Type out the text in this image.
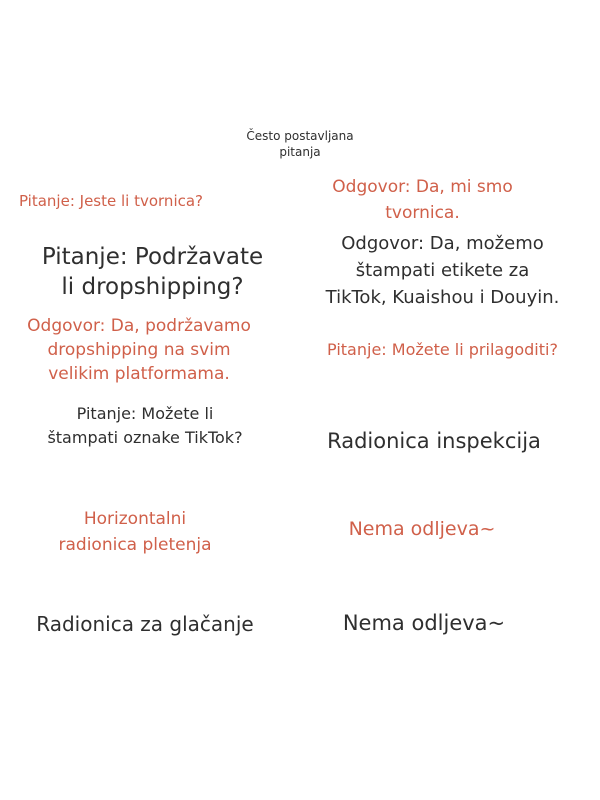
Često postavljana
pitanja
Pitanje: Jeste li tvornica?
Pitanje: Podržavate
li dropshipping?
Odgovor: Da, podržavamo
dropshipping na svim
velikim platformama.
Pitanje: Možete li
štampati oznake TikTok?
Horizontalni
radionica pletenja
Radionica za glačanje
Odgovor: Da, mi smo
tvornica.
Odgovor: Da, možemo
štampati etikete za
TikTok, Kuaishou i Douyin.
Pitanje: Možete li prilagoditi?
Radionica inspekcija
Nema odljeva~
Nema odljeva~
